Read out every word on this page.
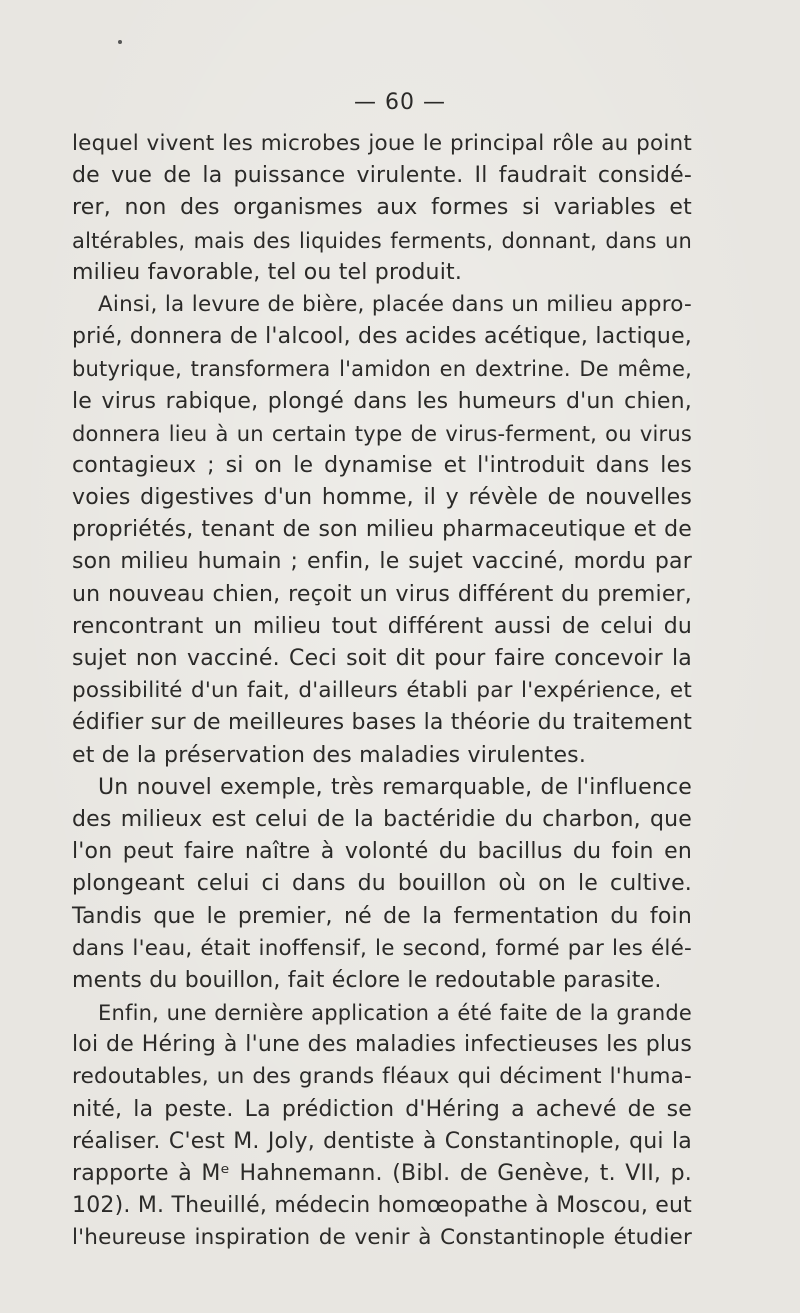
— 60 —
lequel vivent les microbes joue le principal rôle au point
de vue de la puissance virulente. Il faudrait considé-
rer, non des organismes aux formes si variables et
altérables, mais des liquides ferments, donnant, dans un
milieu favorable, tel ou tel produit.
Ainsi, la levure de bière, placée dans un milieu appro-
prié, donnera de l'alcool, des acides acétique, lactique,
butyrique, transformera l'amidon en dextrine. De même,
le virus rabique, plongé dans les humeurs d'un chien,
donnera lieu à un certain type de virus-ferment, ou virus
contagieux ; si on le dynamise et l'introduit dans les
voies digestives d'un homme, il y révèle de nouvelles
propriétés, tenant de son milieu pharmaceutique et de
son milieu humain ; enfin, le sujet vacciné, mordu par
un nouveau chien, reçoit un virus différent du premier,
rencontrant un milieu tout différent aussi de celui du
sujet non vacciné. Ceci soit dit pour faire concevoir la
possibilité d'un fait, d'ailleurs établi par l'expérience, et
édifier sur de meilleures bases la théorie du traitement
et de la préservation des maladies virulentes.
Un nouvel exemple, très remarquable, de l'influence
des milieux est celui de la bactéridie du charbon, que
l'on peut faire naître à volonté du bacillus du foin en
plongeant celui ci dans du bouillon où on le cultive.
Tandis que le premier, né de la fermentation du foin
dans l'eau, était inoffensif, le second, formé par les élé-
ments du bouillon, fait éclore le redoutable parasite.
Enfin, une dernière application a été faite de la grande
loi de Héring à l'une des maladies infectieuses les plus
redoutables, un des grands fléaux qui déciment l'huma-
nité, la peste. La prédiction d'Héring a achevé de se
réaliser. C'est M. Joly, dentiste à Constantinople, qui la
rapporte à Mᵉ Hahnemann. (Bibl. de Genève, t. VII, p.
102). M. Theuillé, médecin homœopathe à Moscou, eut
l'heureuse inspiration de venir à Constantinople étudier
